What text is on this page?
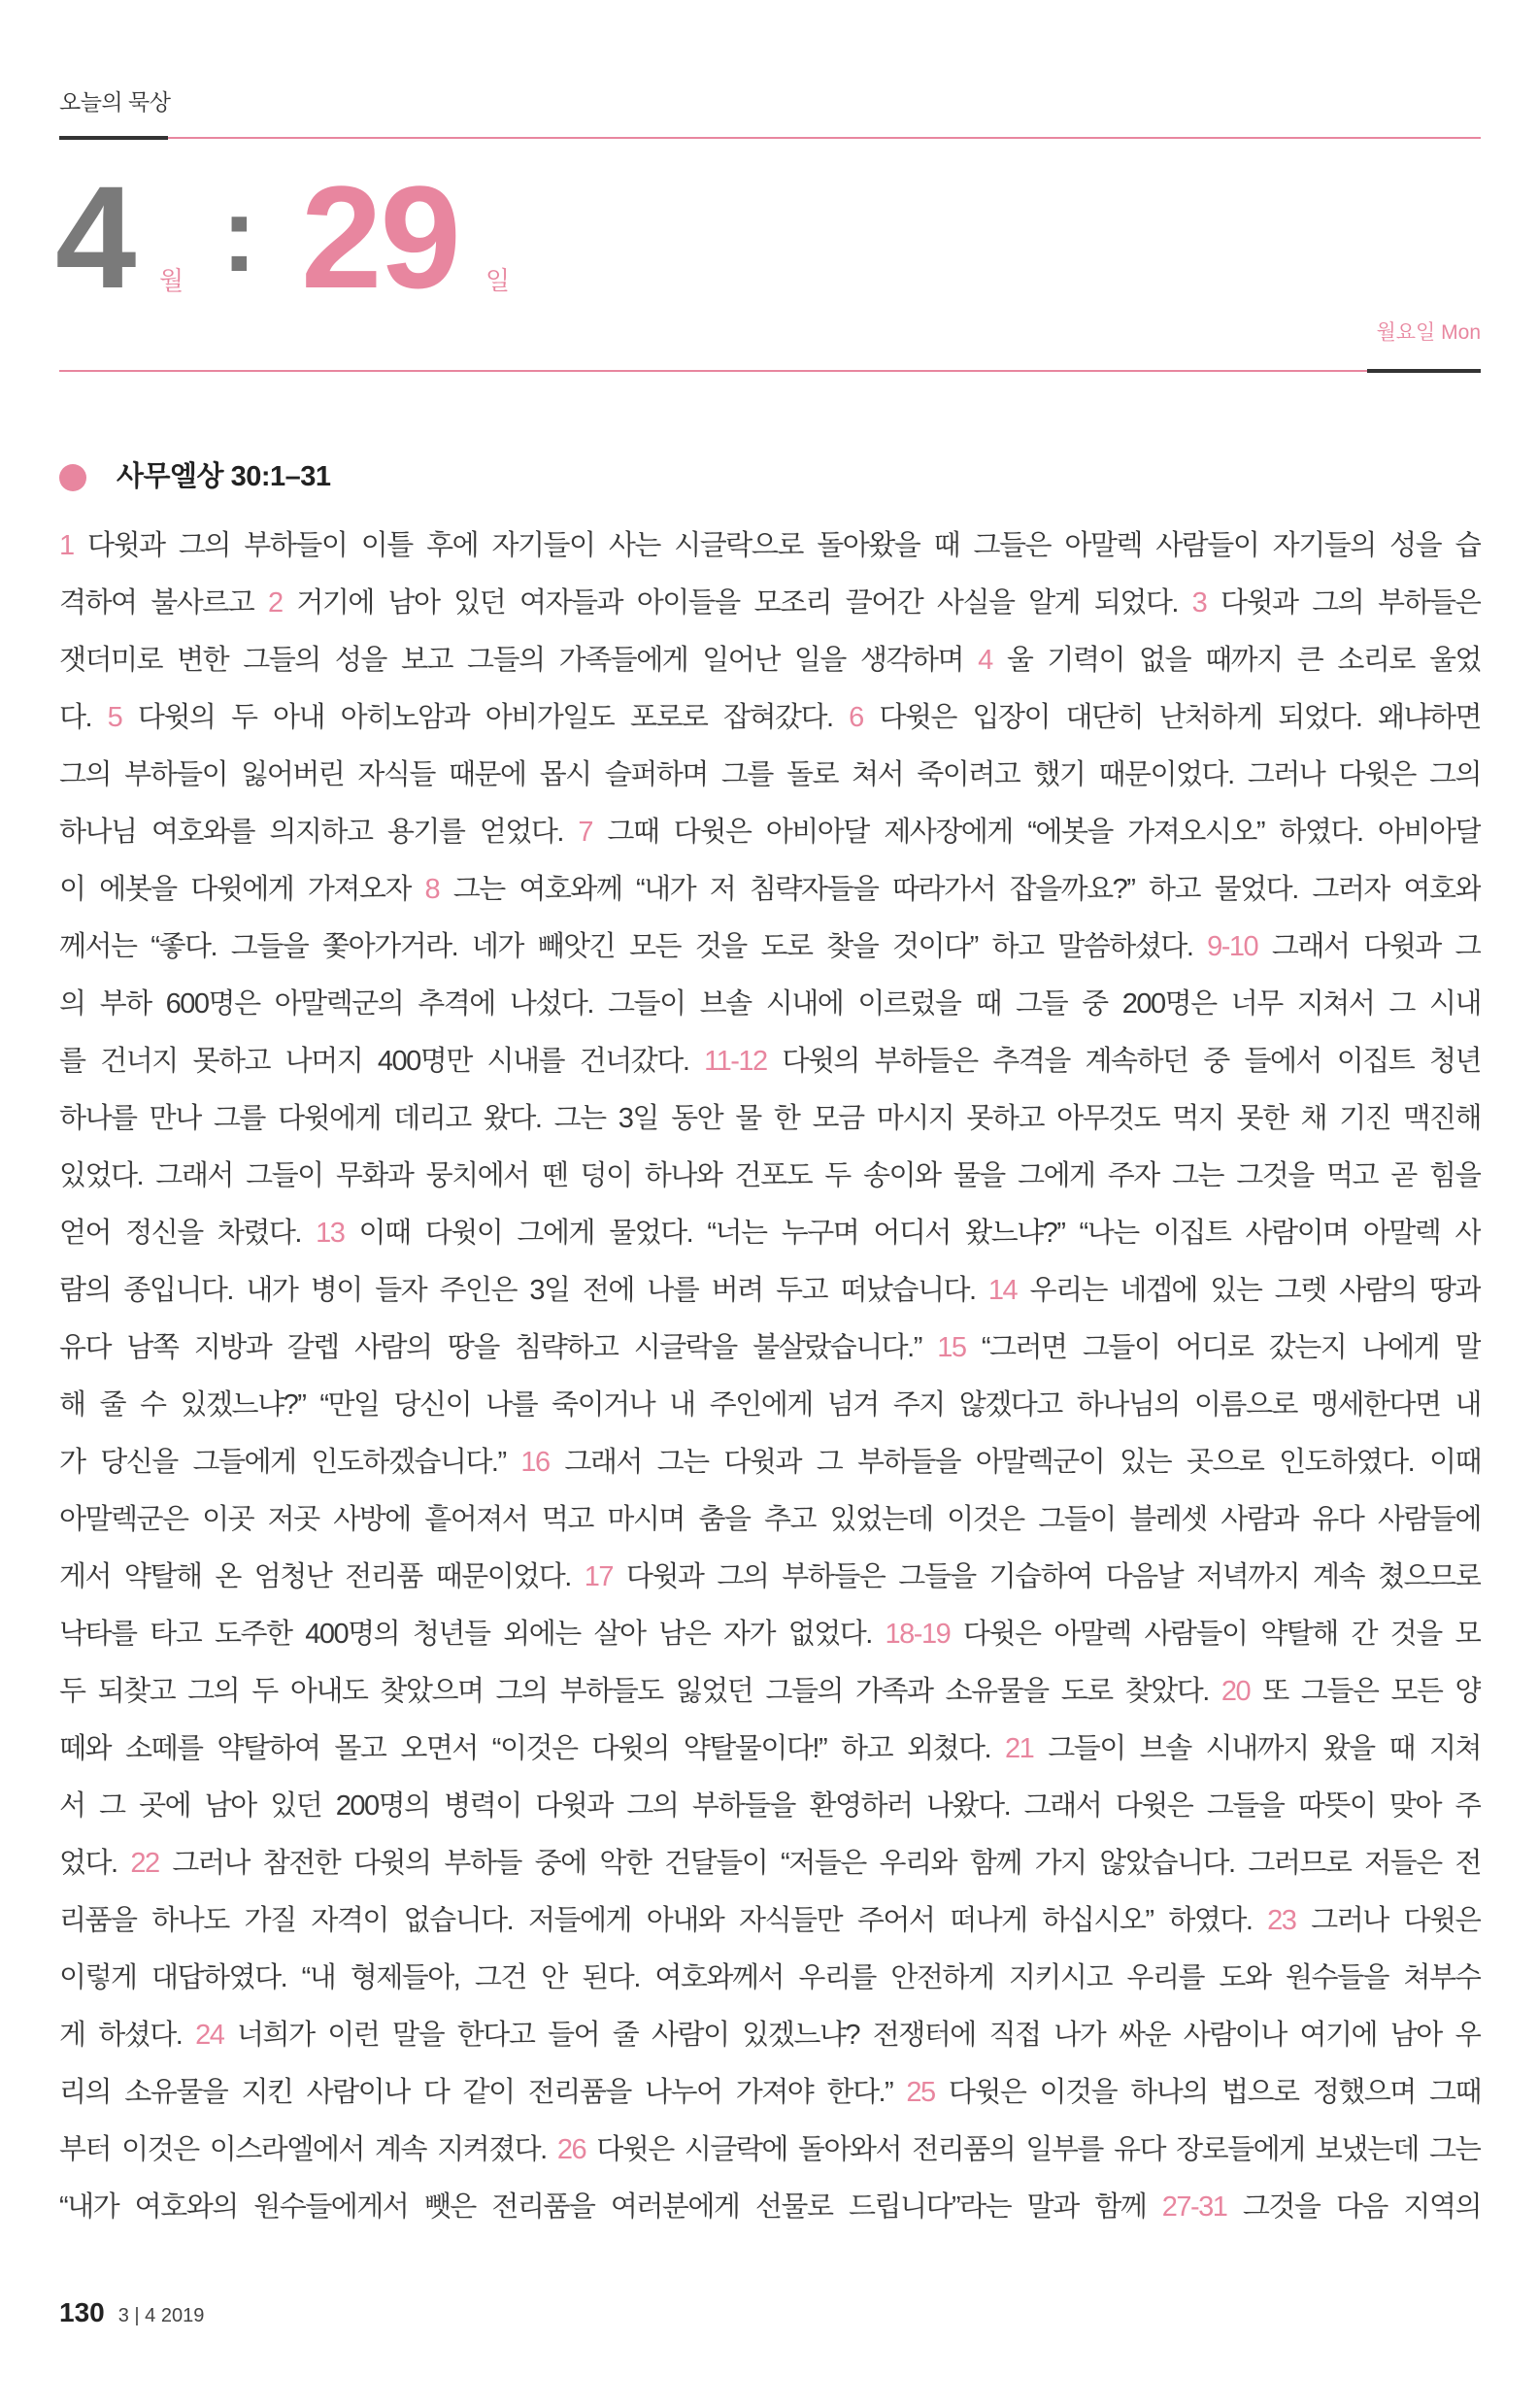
오늘의 묵상
4 월 : 29 일
월요일 Mon
사무엘상 30:1–31
1 다윗과 그의 부하들이 이틀 후에 자기들이 사는 시글락으로 돌아왔을 때 그들은 아말렉 사람들이 자기들의 성을 습
격하여 불사르고 2 거기에 남아 있던 여자들과 아이들을 모조리 끌어간 사실을 알게 되었다. 3 다윗과 그의 부하들은
잿더미로 변한 그들의 성을 보고 그들의 가족들에게 일어난 일을 생각하며 4 울 기력이 없을 때까지 큰 소리로 울었
다. 5 다윗의 두 아내 아히노암과 아비가일도 포로로 잡혀갔다. 6 다윗은 입장이 대단히 난처하게 되었다. 왜냐하면
그의 부하들이 잃어버린 자식들 때문에 몹시 슬퍼하며 그를 돌로 쳐서 죽이려고 했기 때문이었다. 그러나 다윗은 그의
하나님 여호와를 의지하고 용기를 얻었다. 7 그때 다윗은 아비아달 제사장에게 “에봇을 가져오시오” 하였다. 아비아달
이 에봇을 다윗에게 가져오자 8 그는 여호와께 “내가 저 침략자들을 따라가서 잡을까요?” 하고 물었다. 그러자 여호와
께서는 “좋다. 그들을 쫓아가거라. 네가 빼앗긴 모든 것을 도로 찾을 것이다” 하고 말씀하셨다. 9-10 그래서 다윗과 그
의 부하 600명은 아말렉군의 추격에 나섰다. 그들이 브솔 시내에 이르렀을 때 그들 중 200명은 너무 지쳐서 그 시내
를 건너지 못하고 나머지 400명만 시내를 건너갔다. 11-12 다윗의 부하들은 추격을 계속하던 중 들에서 이집트 청년
하나를 만나 그를 다윗에게 데리고 왔다. 그는 3일 동안 물 한 모금 마시지 못하고 아무것도 먹지 못한 채 기진 맥진해
있었다. 그래서 그들이 무화과 뭉치에서 뗀 덩이 하나와 건포도 두 송이와 물을 그에게 주자 그는 그것을 먹고 곧 힘을
얻어 정신을 차렸다. 13 이때 다윗이 그에게 물었다. “너는 누구며 어디서 왔느냐?” “나는 이집트 사람이며 아말렉 사
람의 종입니다. 내가 병이 들자 주인은 3일 전에 나를 버려 두고 떠났습니다. 14 우리는 네겝에 있는 그렛 사람의 땅과
유다 남쪽 지방과 갈렙 사람의 땅을 침략하고 시글락을 불살랐습니다.” 15 “그러면 그들이 어디로 갔는지 나에게 말
해 줄 수 있겠느냐?” “만일 당신이 나를 죽이거나 내 주인에게 넘겨 주지 않겠다고 하나님의 이름으로 맹세한다면 내
가 당신을 그들에게 인도하겠습니다.” 16 그래서 그는 다윗과 그 부하들을 아말렉군이 있는 곳으로 인도하였다. 이때
아말렉군은 이곳 저곳 사방에 흩어져서 먹고 마시며 춤을 추고 있었는데 이것은 그들이 블레셋 사람과 유다 사람들에
게서 약탈해 온 엄청난 전리품 때문이었다. 17 다윗과 그의 부하들은 그들을 기습하여 다음날 저녁까지 계속 쳤으므로
낙타를 타고 도주한 400명의 청년들 외에는 살아 남은 자가 없었다. 18-19 다윗은 아말렉 사람들이 약탈해 간 것을 모
두 되찾고 그의 두 아내도 찾았으며 그의 부하들도 잃었던 그들의 가족과 소유물을 도로 찾았다. 20 또 그들은 모든 양
떼와 소떼를 약탈하여 몰고 오면서 “이것은 다윗의 약탈물이다!” 하고 외쳤다. 21 그들이 브솔 시내까지 왔을 때 지쳐
서 그 곳에 남아 있던 200명의 병력이 다윗과 그의 부하들을 환영하러 나왔다. 그래서 다윗은 그들을 따뜻이 맞아 주
었다. 22 그러나 참전한 다윗의 부하들 중에 악한 건달들이 “저들은 우리와 함께 가지 않았습니다. 그러므로 저들은 전
리품을 하나도 가질 자격이 없습니다. 저들에게 아내와 자식들만 주어서 떠나게 하십시오” 하였다. 23 그러나 다윗은
이렇게 대답하였다. “내 형제들아, 그건 안 된다. 여호와께서 우리를 안전하게 지키시고 우리를 도와 원수들을 쳐부수
게 하셨다. 24 너희가 이런 말을 한다고 들어 줄 사람이 있겠느냐? 전쟁터에 직접 나가 싸운 사람이나 여기에 남아 우
리의 소유물을 지킨 사람이나 다 같이 전리품을 나누어 가져야 한다.” 25 다윗은 이것을 하나의 법으로 정했으며 그때
부터 이것은 이스라엘에서 계속 지켜졌다. 26 다윗은 시글락에 돌아와서 전리품의 일부를 유다 장로들에게 보냈는데 그는
“내가 여호와의 원수들에게서 뺏은 전리품을 여러분에게 선물로 드립니다”라는 말과 함께 27-31 그것을 다음 지역의
130 3 | 4 2019
